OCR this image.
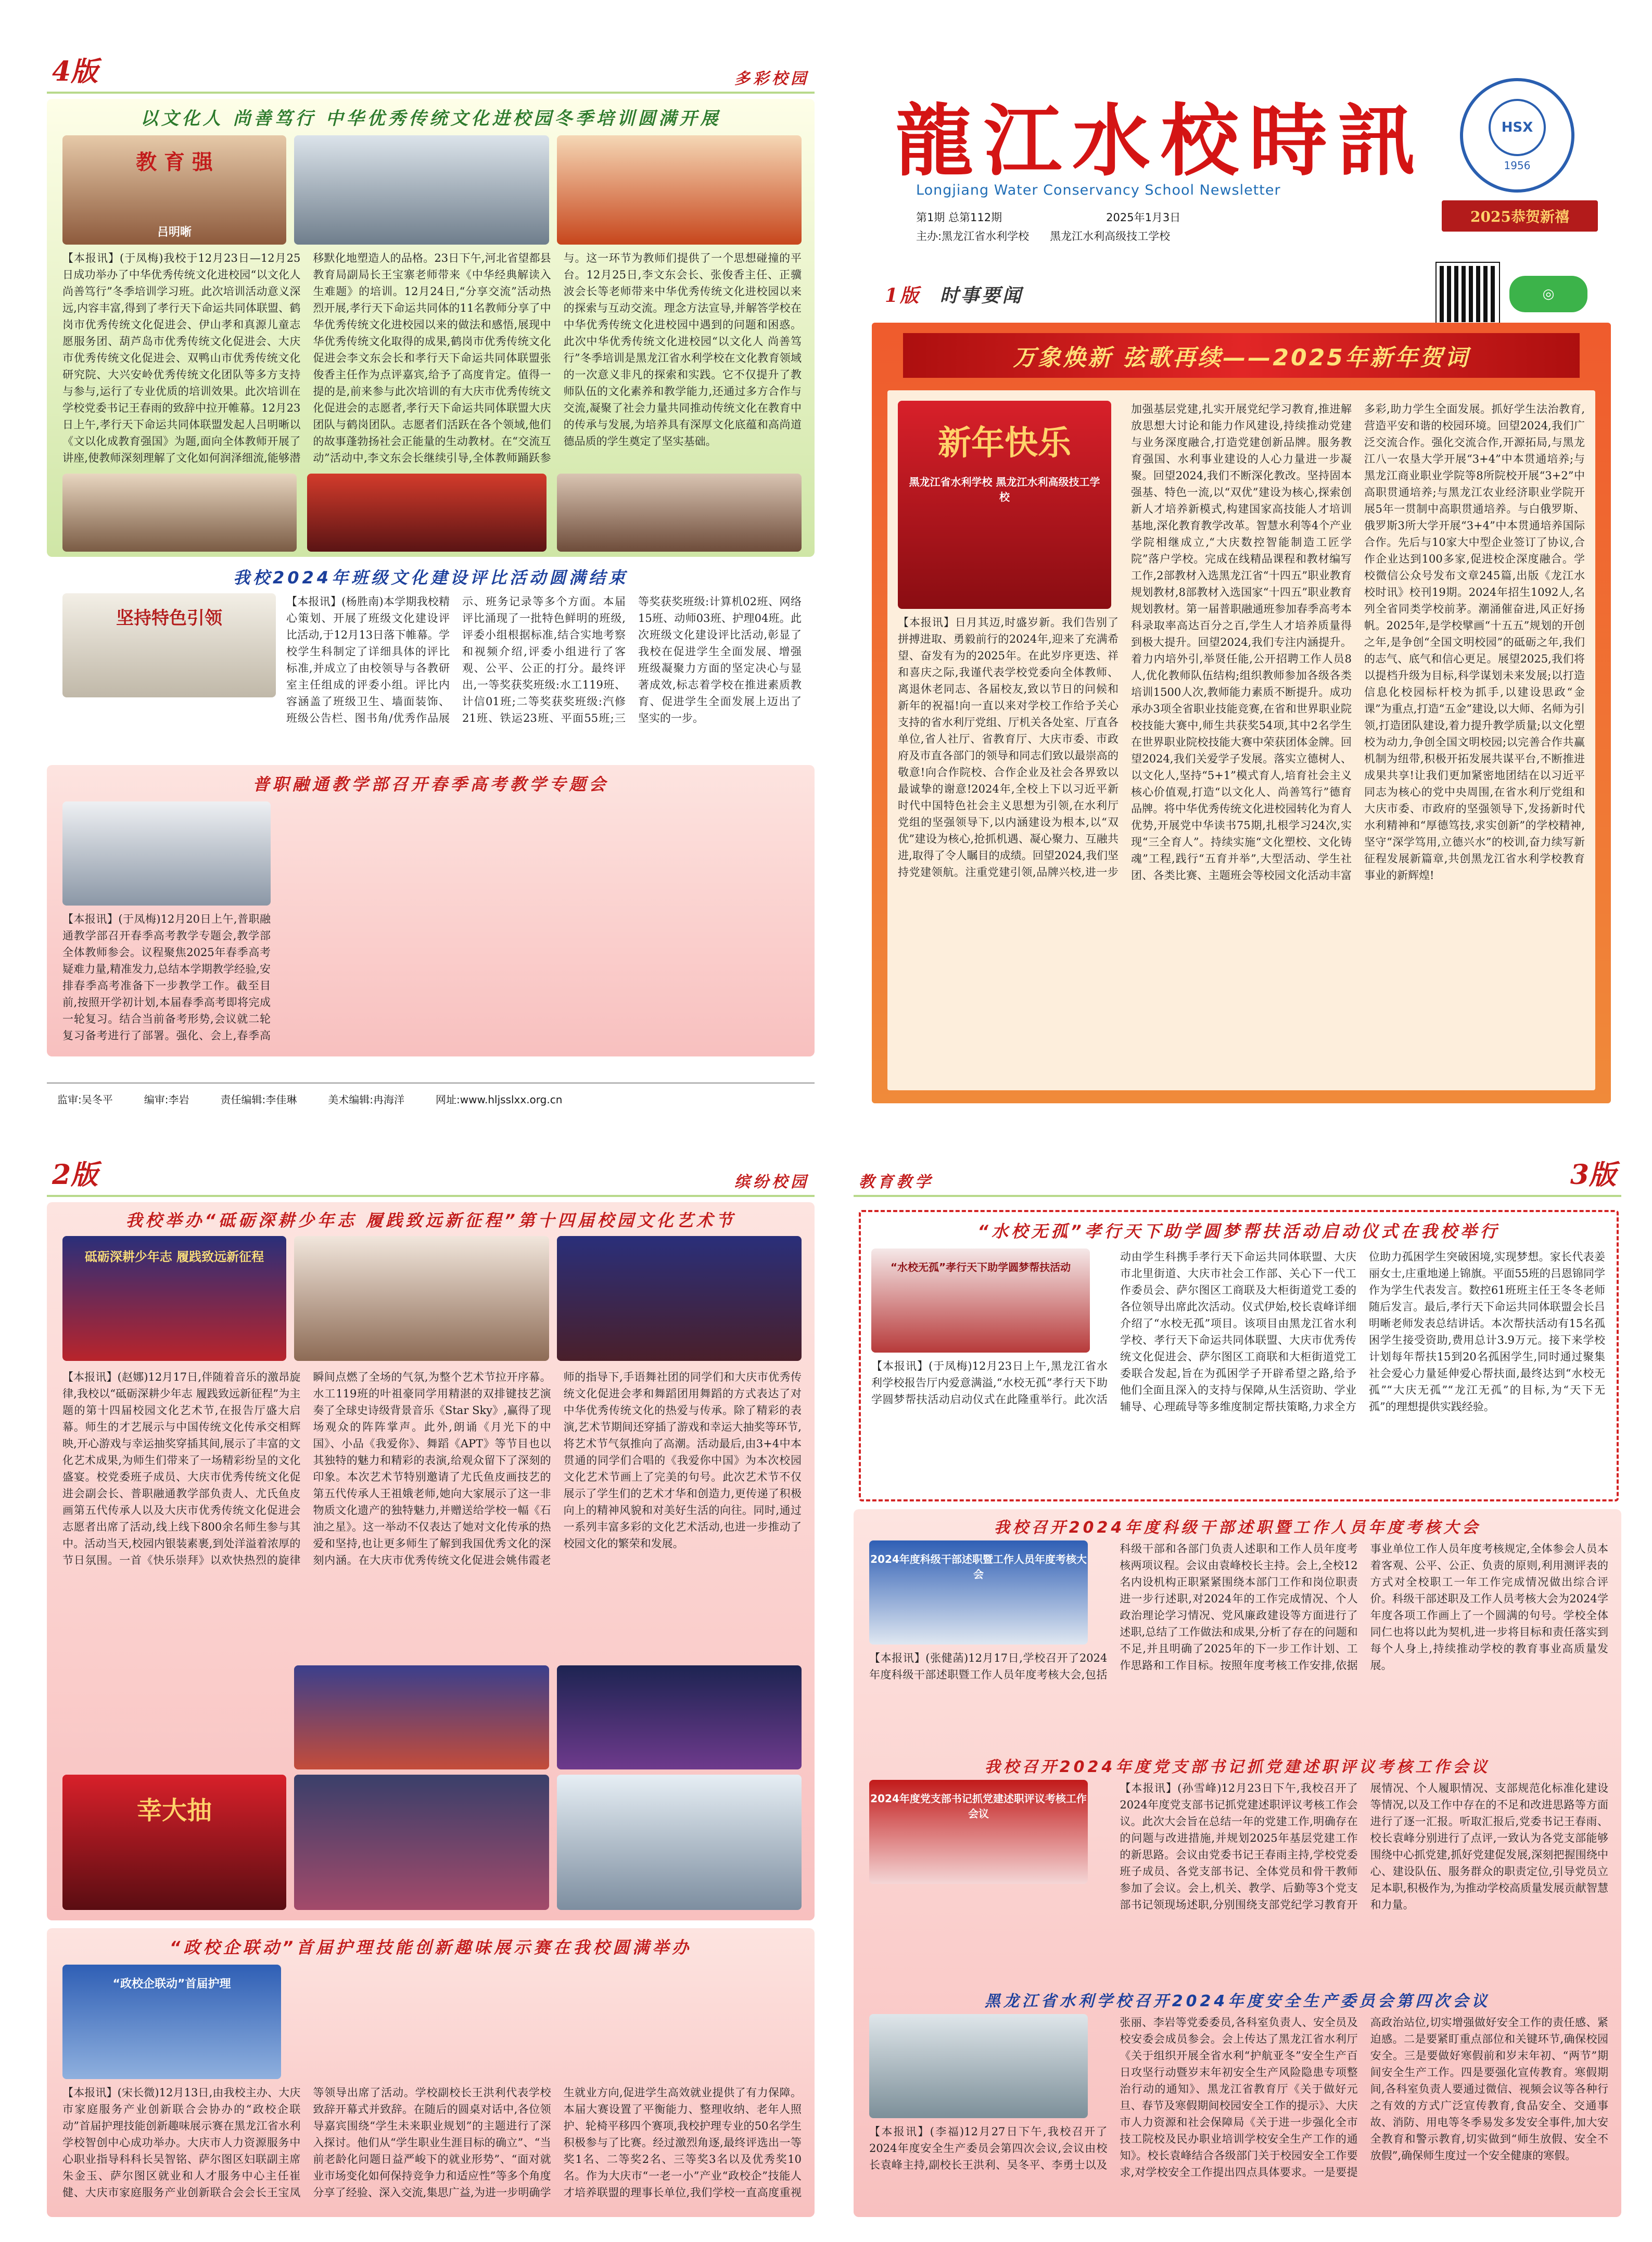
4版	多彩校园
以文化人 尚善笃行 中华优秀传统文化进校园冬季培训圆满开展
教 育 强
吕明晰
【本报讯】(于凤梅)我校于12月23日—12月25日成功举办了中华优秀传统文化进校园“以文化人 尚善笃行”冬季培训学习班。此次培训活动意义深远,内容丰富,得到了孝行天下命运共同体联盟、鹤岗市优秀传统文化促进会、伊山孝和真源儿童志愿服务团、葫芦岛市优秀传统文化促进会、大庆市优秀传统文化促进会、双鸭山市优秀传统文化研究院、大兴安岭优秀传统文化团队等多方支持与参与,运行了专业优质的培训效果。此次培训在学校党委书记王春雨的致辞中拉开帷幕。12月23日上午,孝行天下命运共同体联盟发起人吕明晰以《文以化成教育强国》为题,面向全体教师开展了讲座,使教师深刻理解了文化如何润泽细流,能够潜移默化地塑造人的品格。23日下午,河北省望都县教育局副局长王宝寨老师带来《中华经典解读入生难题》的培训。12月24日,“分享交流”活动热烈开展,孝行天下命运共同体的11名教师分享了中华优秀传统文化进校园以来的做法和感悟,展现中华优秀传统文化取得的成果,鹤岗市优秀传统文化促进会李文东会长和孝行天下命运共同体联盟张俊香主任作为点评嘉宾,给予了高度肯定。值得一提的是,前来参与此次培训的有大庆市优秀传统文化促进会的志愿者,孝行天下命运共同体联盟大庆团队与鹤岗团队。志愿者们活跃在各个领域,他们的故事蓬勃扬社会正能量的生动教材。在“交流互动”活动中,李文东会长继续引导,全体教师踊跃参与。这一环节为教师们提供了一个思想碰撞的平台。12月25日,李文东会长、张俊香主任、正骥波会长等老师带来中华优秀传统文化进校园以来的探索与互动交流。理念方法宣导,并解答学校在中华优秀传统文化进校园中遇到的问题和困惑。此次中华优秀传统文化进校园“以文化人 尚善笃行”冬季培训是黑龙江省水利学校在文化教育领域的一次意义非凡的探索和实践。它不仅提升了教师队伍的文化素养和教学能力,还通过多方合作与交流,凝聚了社会力量共同推动传统文化在教育中的传承与发展,为培养具有深厚文化底蕴和高尚道德品质的学生奠定了坚实基础。
我校2024年班级文化建设评比活动圆满结束
坚持特色引领
【本报讯】(杨胜南)本学期我校精心策划、开展了班级文化建设评比活动,于12月13日落下帷幕。学校学生科制定了详细具体的评比标准,并成立了由校领导与各教研室主任组成的评委小组。评比内容涵盖了班级卫生、墙面装饰、班级公告栏、图书角/优秀作品展示、班务记录等多个方面。本届评比涌现了一批特色鲜明的班级,评委小组根据标准,结合实地考察和视频介绍,评委小组进行了客观、公平、公正的打分。最终评出,一等奖获奖班级:水工119班、计信01班;二等奖获奖班级:汽修21班、铁运23班、平面55班;三等奖获奖班级:计算机02班、网络15班、动师03班、护理04班。此次班级文化建设评比活动,彰显了我校在促进学生全面发展、增强班级凝聚力方面的坚定决心与显著成效,标志着学校在推进素质教育、促进学生全面发展上迈出了坚实的一步。
普职融通教学部召开春季高考教学专题会
【本报讯】(于凤梅)12月20日上午,普职融通教学部召开春季高考教学专题会,教学部全体教师参会。议程聚焦2025年春季高考疑难力量,精准发力,总结本学期教学经验,安排春季高考准备下一步教学工作。截至目前,按照开学初计划,本届春季高考即将完成一轮复习。结合当前备考形势,会议就二轮复习备考进行了部署。强化、会上,春季高
监审:吴冬平	编审:李岩	责任编辑:李佳琳	美术编辑:冉海洋	网址:www.hljsslxx.org.cn
龍江水校時訊
Longjiang Water Conservancy School Newsletter
HSX
1956
第1期 总第112期	2025年1月3日
主办:黑龙江省水利学校 黑龙江水利高级技工学校
2025恭贺新禧
◎
1版 时事要闻
万象焕新 弦歌再续——2025年新年贺词
新年快乐
黑龙江省水利学校 黑龙江水利高级技工学校
【本报讯】日月其迈,时盛岁新。我们告别了拼搏进取、勇毅前行的2024年,迎来了充满希望、奋发有为的2025年。在此岁序更迭、祥和喜庆之际,我谨代表学校党委向全体教师、离退休老同志、各届校友,致以节日的问候和新年的祝福!向一直以来对学校工作给予关心支持的省水利厅党组、厅机关各处室、厅直各单位,省人社厅、省教育厅、大庆市委、市政府及市直各部门的领导和同志们致以最崇高的敬意!向合作院校、合作企业及社会各界致以最诚挚的谢意!2024年,全校上下以习近平新时代中国特色社会主义思想为引领,在水利厅党组的坚强领导下,以内涵建设为根本,以“双优”建设为核心,抢抓机遇、凝心聚力、互融共进,取得了令人瞩目的成绩。回望2024,我们坚持党建领航。注重党建引领,品牌兴校,进一步加强基层党建,扎实开展党纪学习教育,推进解放思想大讨论和能力作风建设,持续推动党建与业务深度融合,打造党建创新品牌。服务教育强国、水利事业建设的人心力量进一步凝聚。回望2024,我们不断深化教改。坚持固本强基、特色一流,以“双优”建设为核心,探索创新人才培养新模式,构建国家高技能人才培训基地,深化教育教学改革。智慧水利等4个产业学院相继成立,“大庆数控智能制造工匠学院”落户学校。完成在线精品课程和教材编写工作,2部教材入选黑龙江省“十四五”职业教育规划教材,8部教材入选国家“十四五”职业教育规划教材。第一届普职融通班参加春季高考本科录取率高达百分之百,学生人才培养质量得到极大提升。回望2024,我们专注内涵提升。着力内培外引,举贤任能,公开招聘工作人员8人,优化教师队伍结构;组织教师参加各级各类培训1500人次,教师能力素质不断提升。成功承办3项全省职业技能竞赛,在省和世界职业院校技能大赛中,师生共获奖54项,其中2名学生在世界职业院校技能大赛中荣获团体金牌。回望2024,我们关爱学子发展。落实立德树人、以文化人,坚持“5+1”模式育人,培育社会主义核心价值观,打造“以文化人、尚善笃行”德育品牌。将中华优秀传统文化进校园转化为育人优势,开展党中华读书75期,扎根学习24次,实现“三全育人”。持续实施“文化塑校、文化铸魂”工程,践行“五育并举”,大型活动、学生社团、各类比赛、主题班会等校园文化活动丰富多彩,助力学生全面发展。抓好学生法治教育,营造平安和谐的校园环境。回望2024,我们广泛交流合作。强化交流合作,开源拓局,与黑龙江八一农垦大学开展“3+4”中本贯通培养;与黑龙江商业职业学院等8所院校开展“3+2”中高职贯通培养;与黑龙江农业经济职业学院开展5年一贯制中高职贯通培养。与白俄罗斯、俄罗斯3所大学开展“3+4”中本贯通培养国际合作。先后与10家大中型企业签订了协议,合作企业达到100多家,促进校企深度融合。学校微信公众号发布文章245篇,出版《龙江水校时讯》校刊19期。2024年招生1092人,名列全省同类学校前茅。潮涌催奋进,风正好扬帆。2025年,是学校擘画“十五五”规划的开创之年,是争创“全国文明校园”的砥砺之年,我们的志气、底气和信心更足。展望2025,我们将以提档升级为目标,科学谋划未来发展;以打造信息化校园标杆校为抓手,以建设思政“金课”为重点,打造“五金”建设,以大师、名师为引领,打造团队建设,着力提升教学质量;以文化塑校为动力,争创全国文明校园;以完善合作共赢机制为纽带,积极开拓发展共谋平台,不断推进成果共享!让我们更加紧密地团结在以习近平同志为核心的党中央周围,在省水利厅党组和大庆市委、市政府的坚强领导下,发扬新时代水利精神和“厚德笃技,求实创新”的学校精神,坚守“深学笃用,立德兴水”的校训,奋力续写新征程发展新篇章,共创黑龙江省水利学校教育事业的新辉煌!
2版	缤纷校园
我校举办“砥砺深耕少年志 履践致远新征程”第十四届校园文化艺术节
砥砺深耕少年志 履践致远新征程
【本报讯】(赵娜)12月17日,伴随着音乐的激昂旋律,我校以“砥砺深耕少年志 履践致远新征程”为主题的第十四届校园文化艺术节,在报告厅盛大启幕。师生的才艺展示与中国传统文化传承交相辉映,开心游戏与幸运抽奖穿插其间,展示了丰富的文化艺术成果,为师生们带来了一场精彩纷呈的文化盛宴。校党委班子成员、大庆市优秀传统文化促进会副会长、普职融通教学部负责人、尤氏鱼皮画第五代传承人以及大庆市优秀传统文化促进会志愿者出席了活动,线上线下800余名师生参与其中。活动当天,校园内银装素裹,到处洋溢着浓厚的节日氛围。一首《快乐崇拜》以欢快热烈的旋律瞬间点燃了全场的气氛,为整个艺术节拉开序幕。水工119班的叶祖豪同学用精湛的双排键技艺演奏了全球史诗级背景音乐《Star Sky》,赢得了现场观众的阵阵掌声。此外,朗诵《月光下的中国》、小品《我爱你》、舞蹈《APT》等节目也以其独特的魅力和精彩的表演,给观众留下了深刻的印象。本次艺术节特别邀请了尤氏鱼皮画技艺的第五代传承人王祖娥老师,她向大家展示了这一非物质文化遗产的独特魅力,并赠送给学校一幅《石油之星》。这一举动不仅表达了她对文化传承的热爱和坚持,也让更多师生了解到我国优秀文化的深刻内涵。在大庆市优秀传统文化促进会姚伟霞老师的指导下,手语舞社团的同学们和大庆市优秀传统文化促进会孝和舞蹈团用舞蹈的方式表达了对中华优秀传统文化的热爱与传承。除了精彩的表演,艺术节期间还穿插了游戏和幸运大抽奖等环节,将艺术节气氛推向了高潮。活动最后,由3+4中本贯通的同学们合唱的《我爱你中国》为本次校园文化艺术节画上了完美的句号。此次艺术节不仅展示了学生们的艺术才华和创造力,更传递了积极向上的精神风貌和对美好生活的向往。同时,通过一系列丰富多彩的文化艺术活动,也进一步推动了校园文化的繁荣和发展。
幸大抽
“政校企联动”首届护理技能创新趣味展示赛在我校圆满举办
“政校企联动”首届护理
【本报讯】(宋长微)12月13日,由我校主办、大庆市家庭服务产业创新联合会协办的“政校企联动”首届护理技能创新趣味展示赛在黑龙江省水利学校智创中心成功举办。大庆市人力资源服务中心职业指导科科长吴智铭、萨尔图区妇联副主席朱金玉、萨尔图区就业和人才服务中心主任崔健、大庆市家庭服务产业创新联合会会长王宝凤等领导出席了活动。学校副校长王洪利代表学校致辞开幕式并致辞。在随后的圆桌对话中,各位领导嘉宾围绕“学生未来职业规划”的主题进行了深入探讨。他们从“学生职业生涯目标的确立”、“当前老龄化问题日益严峻下的就业形势”、“面对就业市场变化如何保持竞争力和适应性”等多个角度分享了经验、深入交流,集思广益,为进一步明确学生就业方向,促进学生高效就业提供了有力保障。本届大赛设置了平衡能力、整理收纳、老年人照护、轮椅平移四个赛项,我校护理专业的50名学生积极参与了比赛。经过激烈角逐,最终评选出一等奖1名、二等奖2名、三等奖3名以及优秀奖10名。作为大庆市“一老一小”产业“政校企”技能人才培养联盟的理事长单位,我们学校一直高度重视
教育教学	3版
“水校无孤”孝行天下助学圆梦帮扶活动启动仪式在我校举行
“水校无孤”孝行天下助学圆梦帮扶活动
【本报讯】(于凤梅)12月23日上午,黑龙江省水利学校报告厅内爱意满溢,“水校无孤”孝行天下助学圆梦帮扶活动启动仪式在此隆重举行。此次活动由学生科携手孝行天下命运共同体联盟、大庆市北里街道、大庆市社会工作部、关心下一代工作委员会、萨尔图区工商联及大柜街道党工委的各位领导出席此次活动。仪式伊始,校长袁峰详细介绍了“水校无孤”项目。该项目由黑龙江省水利学校、孝行天下命运共同体联盟、大庆市优秀传统文化促进会、萨尔图区工商联和大柜街道党工委联合发起,旨在为孤困学子开辟希望之路,给予他们全面且深入的支持与保障,从生活资助、学业辅导、心理疏导等多维度制定帮扶策略,力求全方位助力孤困学生突破困境,实现梦想。家长代表姜丽女士,庄重地递上锦旗。平面55班的吕恩锦同学作为学生代表发言。数控61班班主任王冬冬老师随后发言。最后,孝行天下命运共同体联盟会长吕明晰老师发表总结讲话。本次帮扶活动有15名孤困学生接受资助,费用总计3.9万元。接下来学校计划每年帮扶15到20名孤困学生,同时通过聚集社会爱心力量延伸爱心帮扶面,最终达到“水校无孤”“大庆无孤”“龙江无孤”的目标,为“天下无孤”的理想提供实践经验。
我校召开2024年度科级干部述职暨工作人员年度考核大会
2024年度科级干部述职暨工作人员年度考核大会
【本报讯】(张健菡)12月17日,学校召开了2024年度科级干部述职暨工作人员年度考核大会,包括科级干部和各部门负责人述职和工作人员年度考核两项议程。会议由袁峰校长主持。会上,全校12名内设机构正职紧紧围绕本部门工作和岗位职责进一步行述职,对2024年的工作完成情况、个人政治理论学习情况、党风廉政建设等方面进行了述职,总结了工作做法和成果,分析了存在的问题和不足,并且明确了2025年的下一步工作计划、工作思路和工作目标。按照年度考核工作安排,依据事业单位工作人员年度考核规定,全体参会人员本着客观、公平、公正、负责的原则,利用测评表的方式对全校职工一年工作完成情况做出综合评价。科级干部述职及工作人员考核大会为2024学年度各项工作画上了一个圆满的句号。学校全体同仁也将以此为契机,进一步将目标和责任落实到每个人身上,持续推动学校的教育事业高质量发展。
我校召开2024年度党支部书记抓党建述职评议考核工作会议
2024年度党支部书记抓党建述职评议考核工作会议
【本报讯】(孙雪峰)12月23日下午,我校召开了2024年度党支部书记抓党建述职评议考核工作会议。此次大会旨在总结一年的党建工作,明确存在的问题与改进措施,并规划2025年基层党建工作的新思路。会议由党委书记王春雨主持,学校党委班子成员、各党支部书记、全体党员和骨干教师参加了会议。会上,机关、教学、后勤等3个党支部书记领现场述职,分别围绕支部党纪学习教育开展情况、个人履职情况、支部规范化标准化建设等情况,以及工作中存在的不足和改进思路等方面进行了逐一汇报。听取汇报后,党委书记王春雨、校长袁峰分别进行了点评,一致认为各党支部能够围绕中心抓党建,抓好党建促发展,深刻把握围绕中心、建设队伍、服务群众的职责定位,引导党员立足本职,积极作为,为推动学校高质量发展贡献智慧和力量。
黑龙江省水利学校召开2024年度安全生产委员会第四次会议
【本报讯】(李福)12月27日下午,我校召开了2024年度安全生产委员会第四次会议,会议由校长袁峰主持,副校长王洪利、吴冬平、李勇士以及张丽、李岩等党委委员,各科室负责人、安全员及校安委会成员参会。会上传达了黑龙江省水利厅《关于组织开展全省水利“护航亚冬”安全生产百日攻坚行动暨岁末年初安全生产风险隐患专项整治行动的通知》、黑龙江省教育厅《关于做好元旦、春节及寒假期间校园安全工作的提示》、大庆市人力资源和社会保障局《关于进一步强化全市技工院校及民办职业培训学校安全生产工作的通知》。校长袁峰结合各级部门关于校园安全工作要求,对学校安全工作提出四点具体要求。一是要提高政治站位,切实增强做好安全工作的责任感、紧迫感。二是要紧盯重点部位和关键环节,确保校园安全。三是要做好寒假前和岁末年初、“两节”期间安全生产工作。四是要强化宣传教育。寒假期间,各科室负责人要通过微信、视频会议等各种行之有效的方式广泛宣传教育,食品安全、交通事故、消防、用电等冬季易发多发安全事件,加大安全教育和警示教育,切实做到“师生放假、安全不放假”,确保师生度过一个安全健康的寒假。
